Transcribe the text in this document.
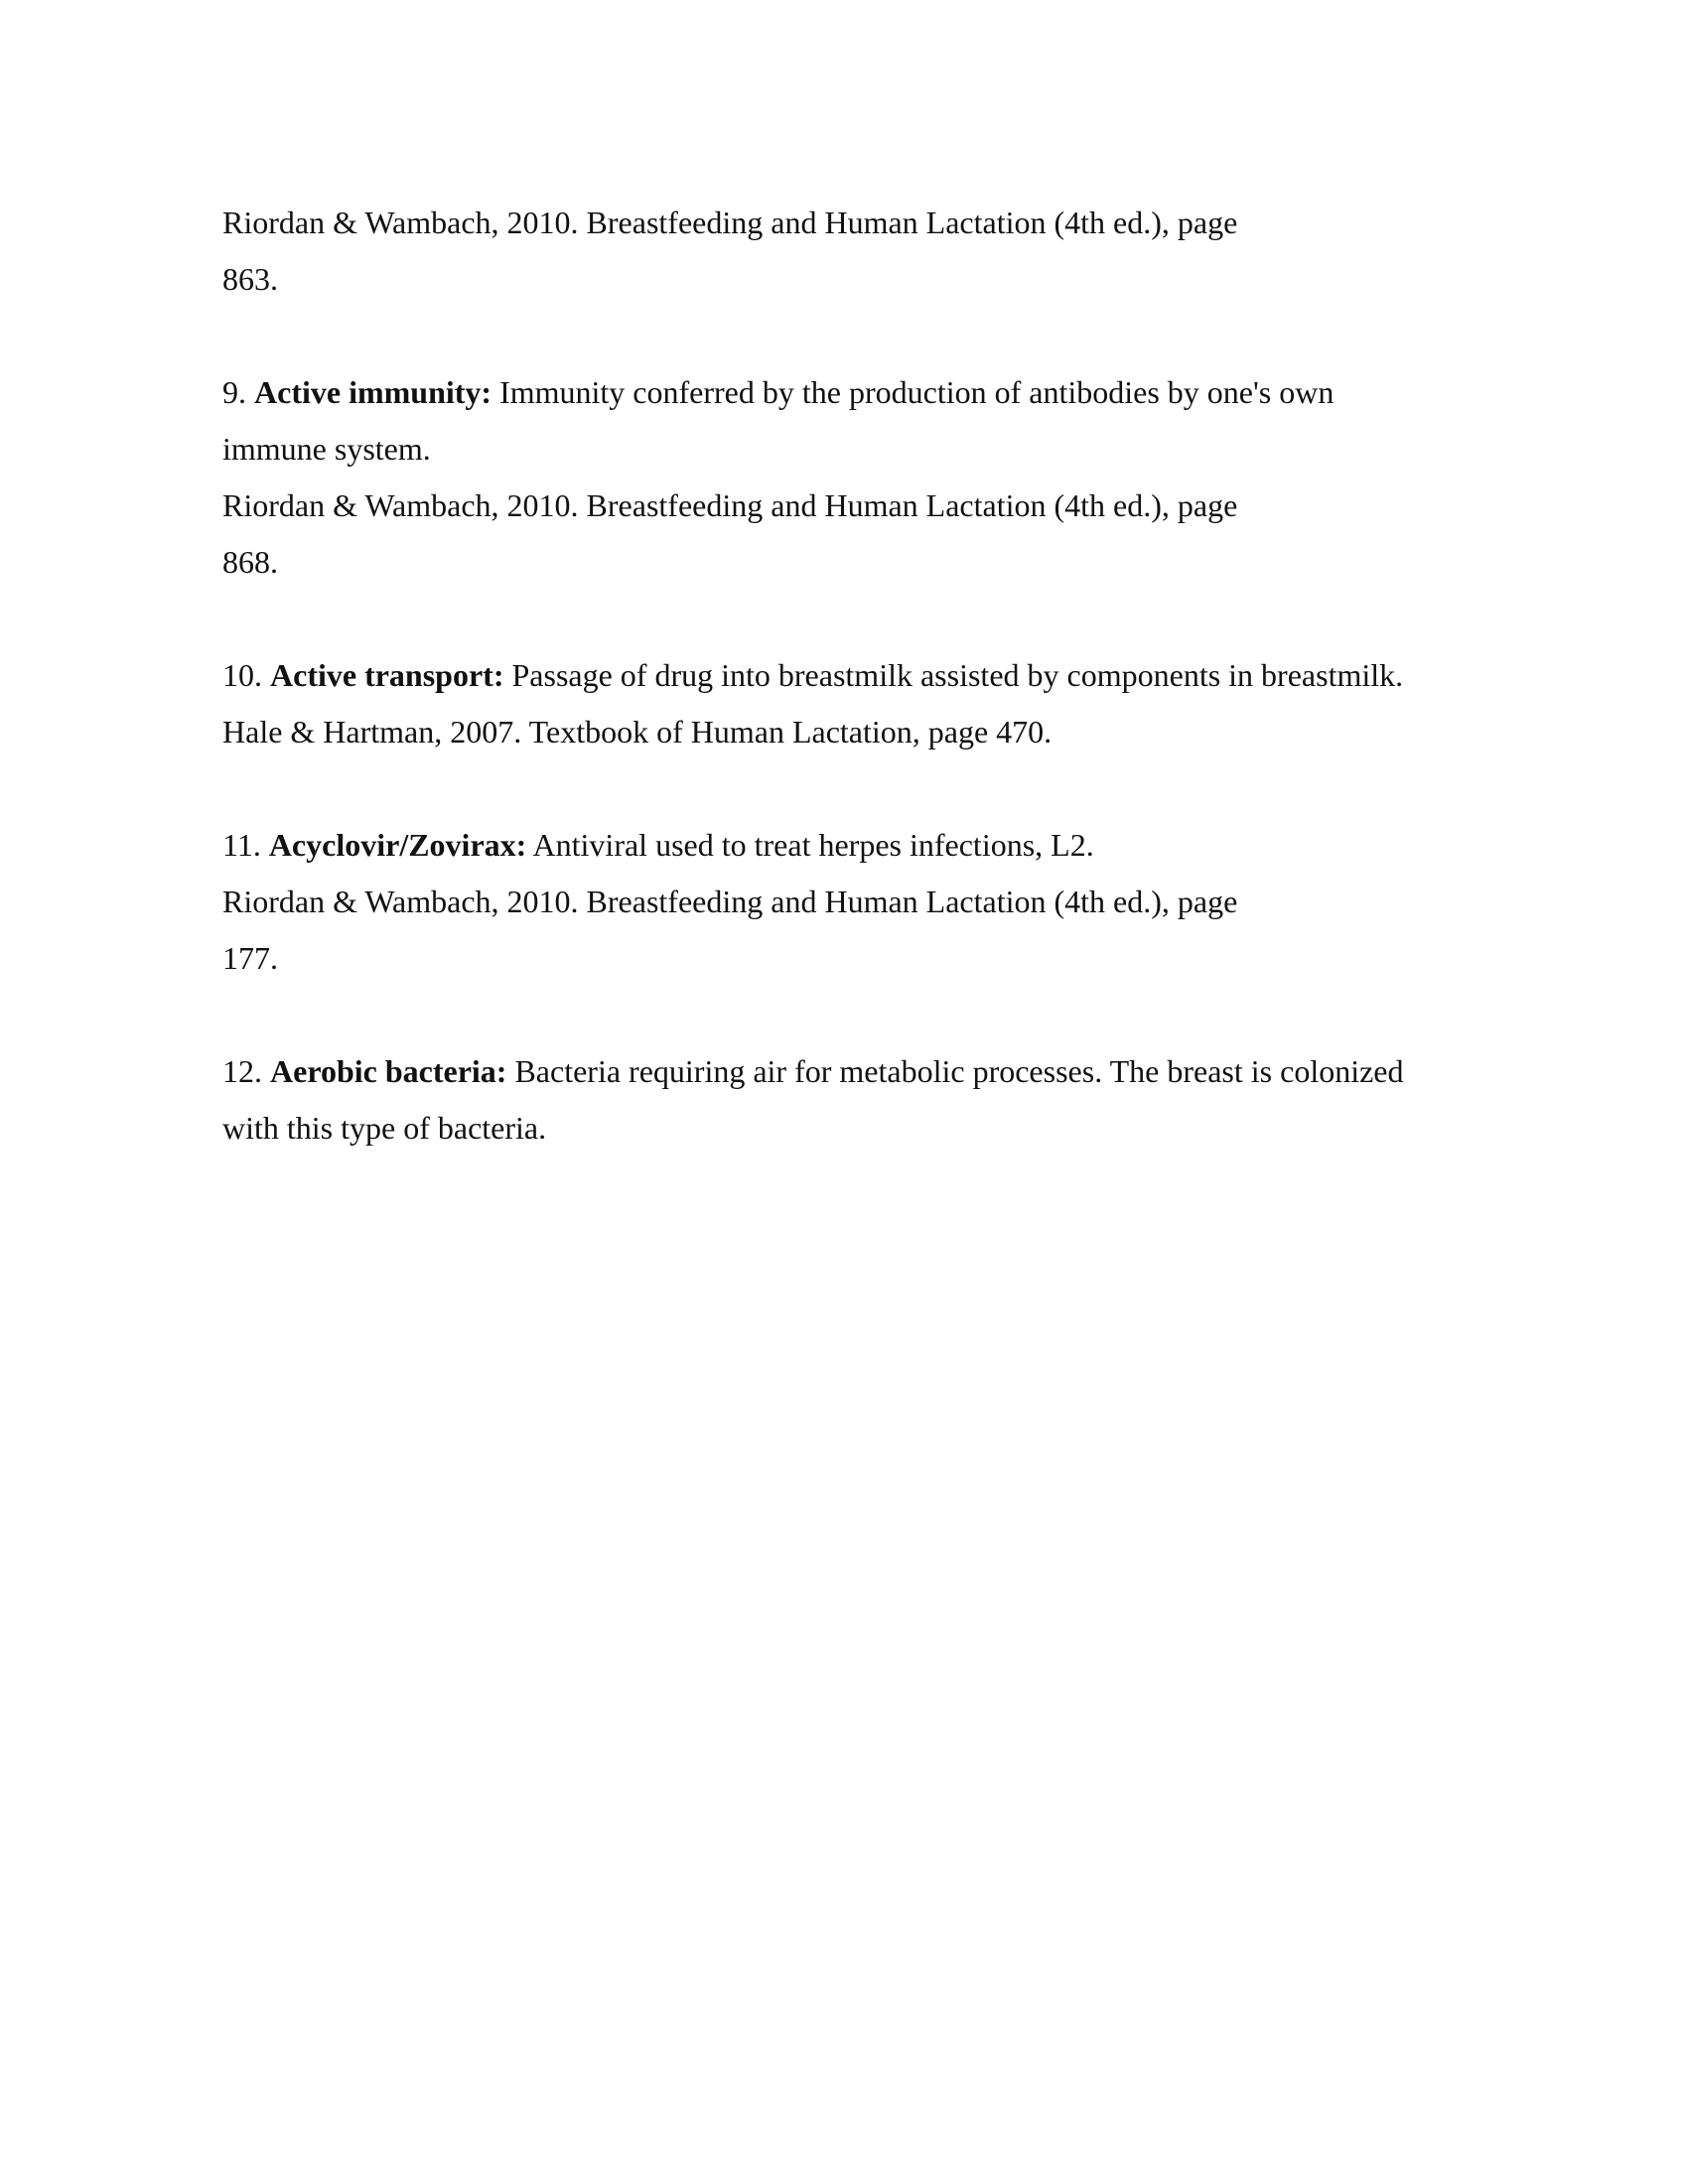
Riordan & Wambach, 2010. Breastfeeding and Human Lactation (4th ed.), page
863.
9. Active immunity: Immunity conferred by the production of antibodies by one's own
immune system.
Riordan & Wambach, 2010. Breastfeeding and Human Lactation (4th ed.), page
868.
10. Active transport: Passage of drug into breastmilk assisted by components in breastmilk.
Hale & Hartman, 2007. Textbook of Human Lactation, page 470.
11. Acyclovir/Zovirax: Antiviral used to treat herpes infections, L2.
Riordan & Wambach, 2010. Breastfeeding and Human Lactation (4th ed.), page
177.
12. Aerobic bacteria: Bacteria requiring air for metabolic processes. The breast is colonized
with this type of bacteria.
